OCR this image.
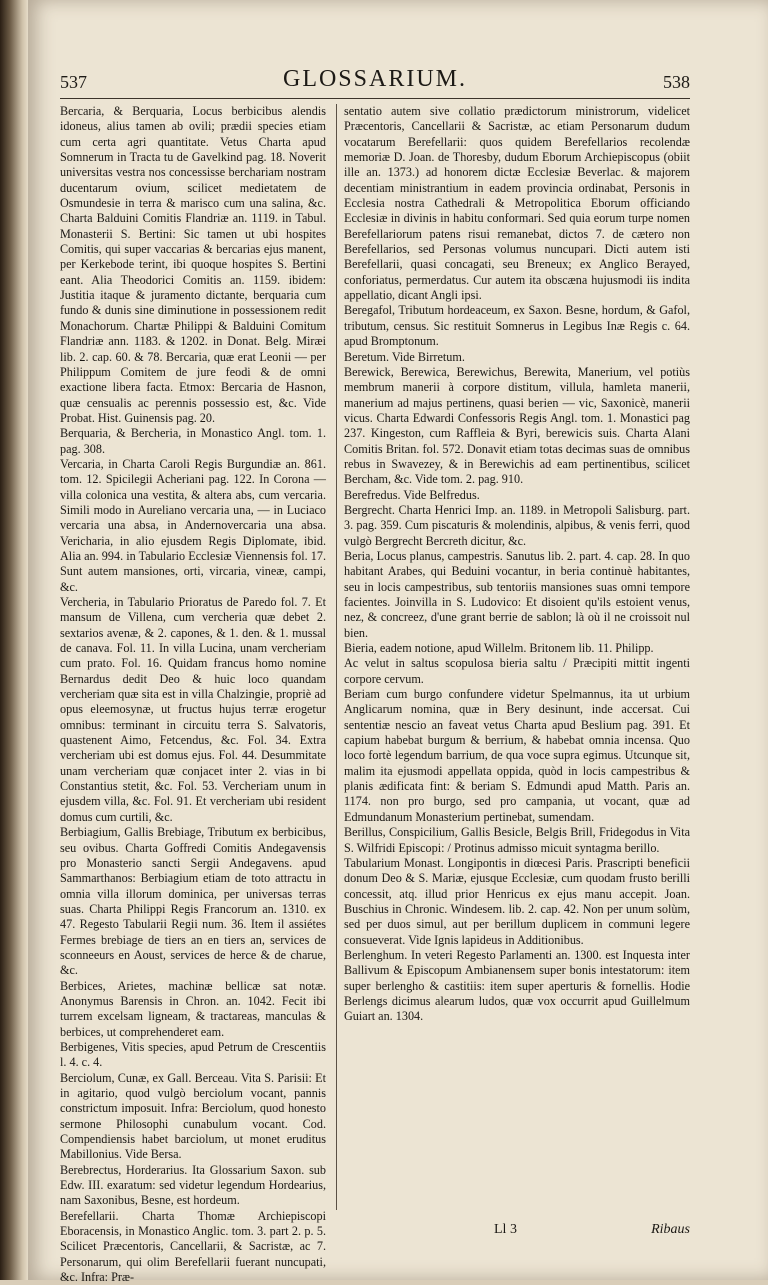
537	GLOSSARIUM.	538

Bercaria, & Berquaria, Locus berbicibus alendis idoneus, alius tamen ab ovili; prædii species etiam cum certa agri quantitate. Vetus Charta apud Somnerum in Tracta tu de Gavelkind pag. 18. Noverit universitas vestra nos concessisse berchariam nostram ducentarum ovium, scilicet medietatem de Osmundesie in terra & marisco cum una salina, &c. Charta Balduini Comitis Flandriæ an. 1119. in Tabul. Monasterii S. Bertini: Sic tamen ut ubi hospites Comitis, qui super vaccarias & bercarias ejus manent, per Kerkebode terint, ibi quoque hospites S. Bertini eant. Alia Theodorici Comitis an. 1159. ibidem: Justitia itaque & juramento dictante, berquaria cum fundo & dunis sine diminutione in possessionem redit Monachorum. Chartæ Philippi & Balduini Comitum Flandriæ ann. 1183. & 1202. in Donat. Belg. Miræi lib. 2. cap. 60. & 78. Bercaria, quæ erat Leonii — per Philippum Comitem de jure feodi & de omni exactione libera facta. Etmox: Bercaria de Hasnon, quæ censualis ac perennis possessio est, &c. Vide Probat. Hist. Guinensis pag. 20.

Berquaria, & Bercheria, in Monastico Angl. tom. 1. pag. 308.

Vercaria, in Charta Caroli Regis Burgundiæ an. 861. tom. 12. Spicilegii Acheriani pag. 122. In Corona — villa colonica una vestita, & altera abs, cum vercaria. Simili modo in Aureliano vercaria una, — in Luciaco vercaria una absa, in Andernovercaria una absa. Vericharia, in alio ejusdem Regis Diplomate, ibid. Alia an. 994. in Tabulario Ecclesiæ Viennensis fol. 17. Sunt autem mansiones, orti, vircaria, vineæ, campi, &c.

Vercheria, in Tabulario Prioratus de Paredo fol. 7. Et mansum de Villena, cum vercheria quæ debet 2. sextarios avenæ, & 2. capones, & 1. den. & 1. mussal de canava. Fol. 11. In villa Lucina, unam vercheriam cum prato. Fol. 16. Quidam francus homo nomine Bernardus dedit Deo & huic loco quandam vercheriam quæ sita est in villa Chalzingie, propriè ad opus eleemosynæ, ut fructus hujus terræ erogetur omnibus: terminant in circuitu terra S. Salvatoris, quastenent Aimo, Fetcendus, &c. Fol. 34. Extra vercheriam ubi est domus ejus. Fol. 44. Desummitate unam vercheriam quæ conjacet inter 2. vias in bi Constantius stetit, &c. Fol. 53. Vercheriam unum in ejusdem villa, &c. Fol. 91. Et vercheriam ubi resident domus cum curtili, &c.

Berbiagium, Gallis Brebiage, Tributum ex berbicibus, seu ovibus. Charta Goffredi Comitis Andegavensis pro Monasterio sancti Sergii Andegavens. apud Sammarthanos: Berbiagium etiam de toto attractu in omnia villa illorum dominica, per universas terras suas. Charta Philippi Regis Francorum an. 1310. ex 47. Regesto Tabularii Regii num. 36. Item il assiétes Fermes brebiage de tiers an en tiers an, services de sconneeurs en Aoust, services de herce & de charue, &c.

Berbices, Arietes, machinæ bellicæ sat notæ. Anonymus Barensis in Chron. an. 1042. Fecit ibi turrem excelsam ligneam, & tractareas, manculas & berbices, ut comprehenderet eam.

Berbigenes, Vitis species, apud Petrum de Crescentiis l. 4. c. 4.

Berciolum, Cunæ, ex Gall. Berceau. Vita S. Parisii: Et in agitario, quod vulgò berciolum vocant, pannis constrictum imposuit. Infra: Berciolum, quod honesto sermone Philosophi cunabulum vocant. Cod. Compendiensis habet barciolum, ut monet eruditus Mabillonius. Vide Bersa.

Berebrectus, Horderarius. Ita Glossarium Saxon. sub Edw. III. exaratum: sed videtur legendum Hordearius, nam Saxonibus, Besne, est hordeum.

Berefellarii. Charta Thomæ Archiepiscopi Eboracensis, in Monastico Anglic. tom. 3. part 2. p. 5. Scilicet Præcentoris, Cancellarii, & Sacristæ, ac 7. Personarum, qui olim Berefellarii fuerant nuncupati, &c. Infra: Præ-

sentatio autem sive collatio prædictorum ministrorum, videlicet Præcentoris, Cancellarii & Sacristæ, ac etiam Personarum dudum vocatarum Berefellarii: quos quidem Berefellarios recolendæ memoriæ D. Joan. de Thoresby, dudum Eborum Archiepiscopus (obiit ille an. 1373.) ad honorem dictæ Ecclesiæ Beverlac. & majorem decentiam ministrantium in eadem provincia ordinabat, Personis in Ecclesia nostra Cathedrali & Metropolitica Eborum officiando Ecclesiæ in divinis in habitu conformari. Sed quia eorum turpe nomen Berefellariorum patens risui remanebat, dictos 7. de cætero non Berefellarios, sed Personas volumus nuncupari. Dicti autem isti Berefellarii, quasi concagati, seu Breneux; ex Anglico Berayed, conforiatus, permerdatus. Cur autem ita obscæna hujusmodi iis indita appellatio, dicant Angli ipsi.

Beregafol, Tributum hordeaceum, ex Saxon. Besne, hordum, & Gafol, tributum, census. Sic restituit Somnerus in Legibus Inæ Regis c. 64. apud Bromptonum.

Beretum. Vide Birretum.

Berewick, Berewica, Berewichus, Berewita, Manerium, vel potiùs membrum manerii à corpore distitum, villula, hamleta manerii, manerium ad majus pertinens, quasi berien — vic, Saxonicè, manerii vicus. Charta Edwardi Confessoris Regis Angl. tom. 1. Monastici pag 237. Kingeston, cum Raffleia & Byri, berewicis suis. Charta Alani Comitis Britan. fol. 572. Donavit etiam totas decimas suas de omnibus rebus in Swavezey, & in Berewichis ad eam pertinentibus, scilicet Bercham, &c. Vide tom. 2. pag. 910.

Berefredus. Vide Belfredus.

Bergrecht. Charta Henrici Imp. an. 1189. in Metropoli Salisburg. part. 3. pag. 359. Cum piscaturis & molendinis, alpibus, & venis ferri, quod vulgò Bergrecht Bercreth dicitur, &c.

Beria, Locus planus, campestris. Sanutus lib. 2. part. 4. cap. 28. In quo habitant Arabes, qui Beduini vocantur, in beria continuè habitantes, seu in locis campestribus, sub tentoriis mansiones suas omni tempore facientes. Joinvilla in S. Ludovico: Et disoient qu'ils estoient venus, nez, & concreez, d'une grant berrie de sablon; là où il ne croissoit nul bien.

Bieria, eadem notione, apud Willelm. Britonem lib. 11. Philipp.

Ac velut in saltus scopulosa bieria saltu / Præcipiti mittit ingenti corpore cervum.

Beriam cum burgo confundere videtur Spelmannus, ita ut urbium Anglicarum nomina, quæ in Bery desinunt, inde accersat. Cui sententiæ nescio an faveat vetus Charta apud Beslium pag. 391. Et capium habebat burgum & berrium, & habebat omnia incensa. Quo loco fortè legendum barrium, de qua voce supra egimus. Utcunque sit, malim ita ejusmodi appellata oppida, quòd in locis campestribus & planis ædificata fint: & beriam S. Edmundi apud Matth. Paris an. 1174. non pro burgo, sed pro campania, ut vocant, quæ ad Edmundanum Monasterium pertinebat, sumendam.

Berillus, Conspicilium, Gallis Besicle, Belgis Brill, Fridegodus in Vita S. Wilfridi Episcopi: / Protinus admisso micuit syntagma berillo.

Tabularium Monast. Longipontis in diœcesi Paris. Prascripti beneficii donum Deo & S. Mariæ, ejusque Ecclesiæ, cum quodam frusto berilli concessit, atq. illud prior Henricus ex ejus manu accepit. Joan. Buschius in Chronic. Windesem. lib. 2. cap. 42. Non per unum solùm, sed per duos simul, aut per berillum duplicem in communi legere consueverat. Vide Ignis lapideus in Additionibus.

Berlenghum. In veteri Regesto Parlamenti an. 1300. est Inquesta inter Ballivum & Episcopum Ambianensem super bonis intestatorum: item super berlengho & castitiis: item super aperturis & fornellis. Hodie Berlengs dicimus alearum ludos, quæ vox occurrit apud Guillelmum Guiart an. 1304.

Ll 3	Ribaus
